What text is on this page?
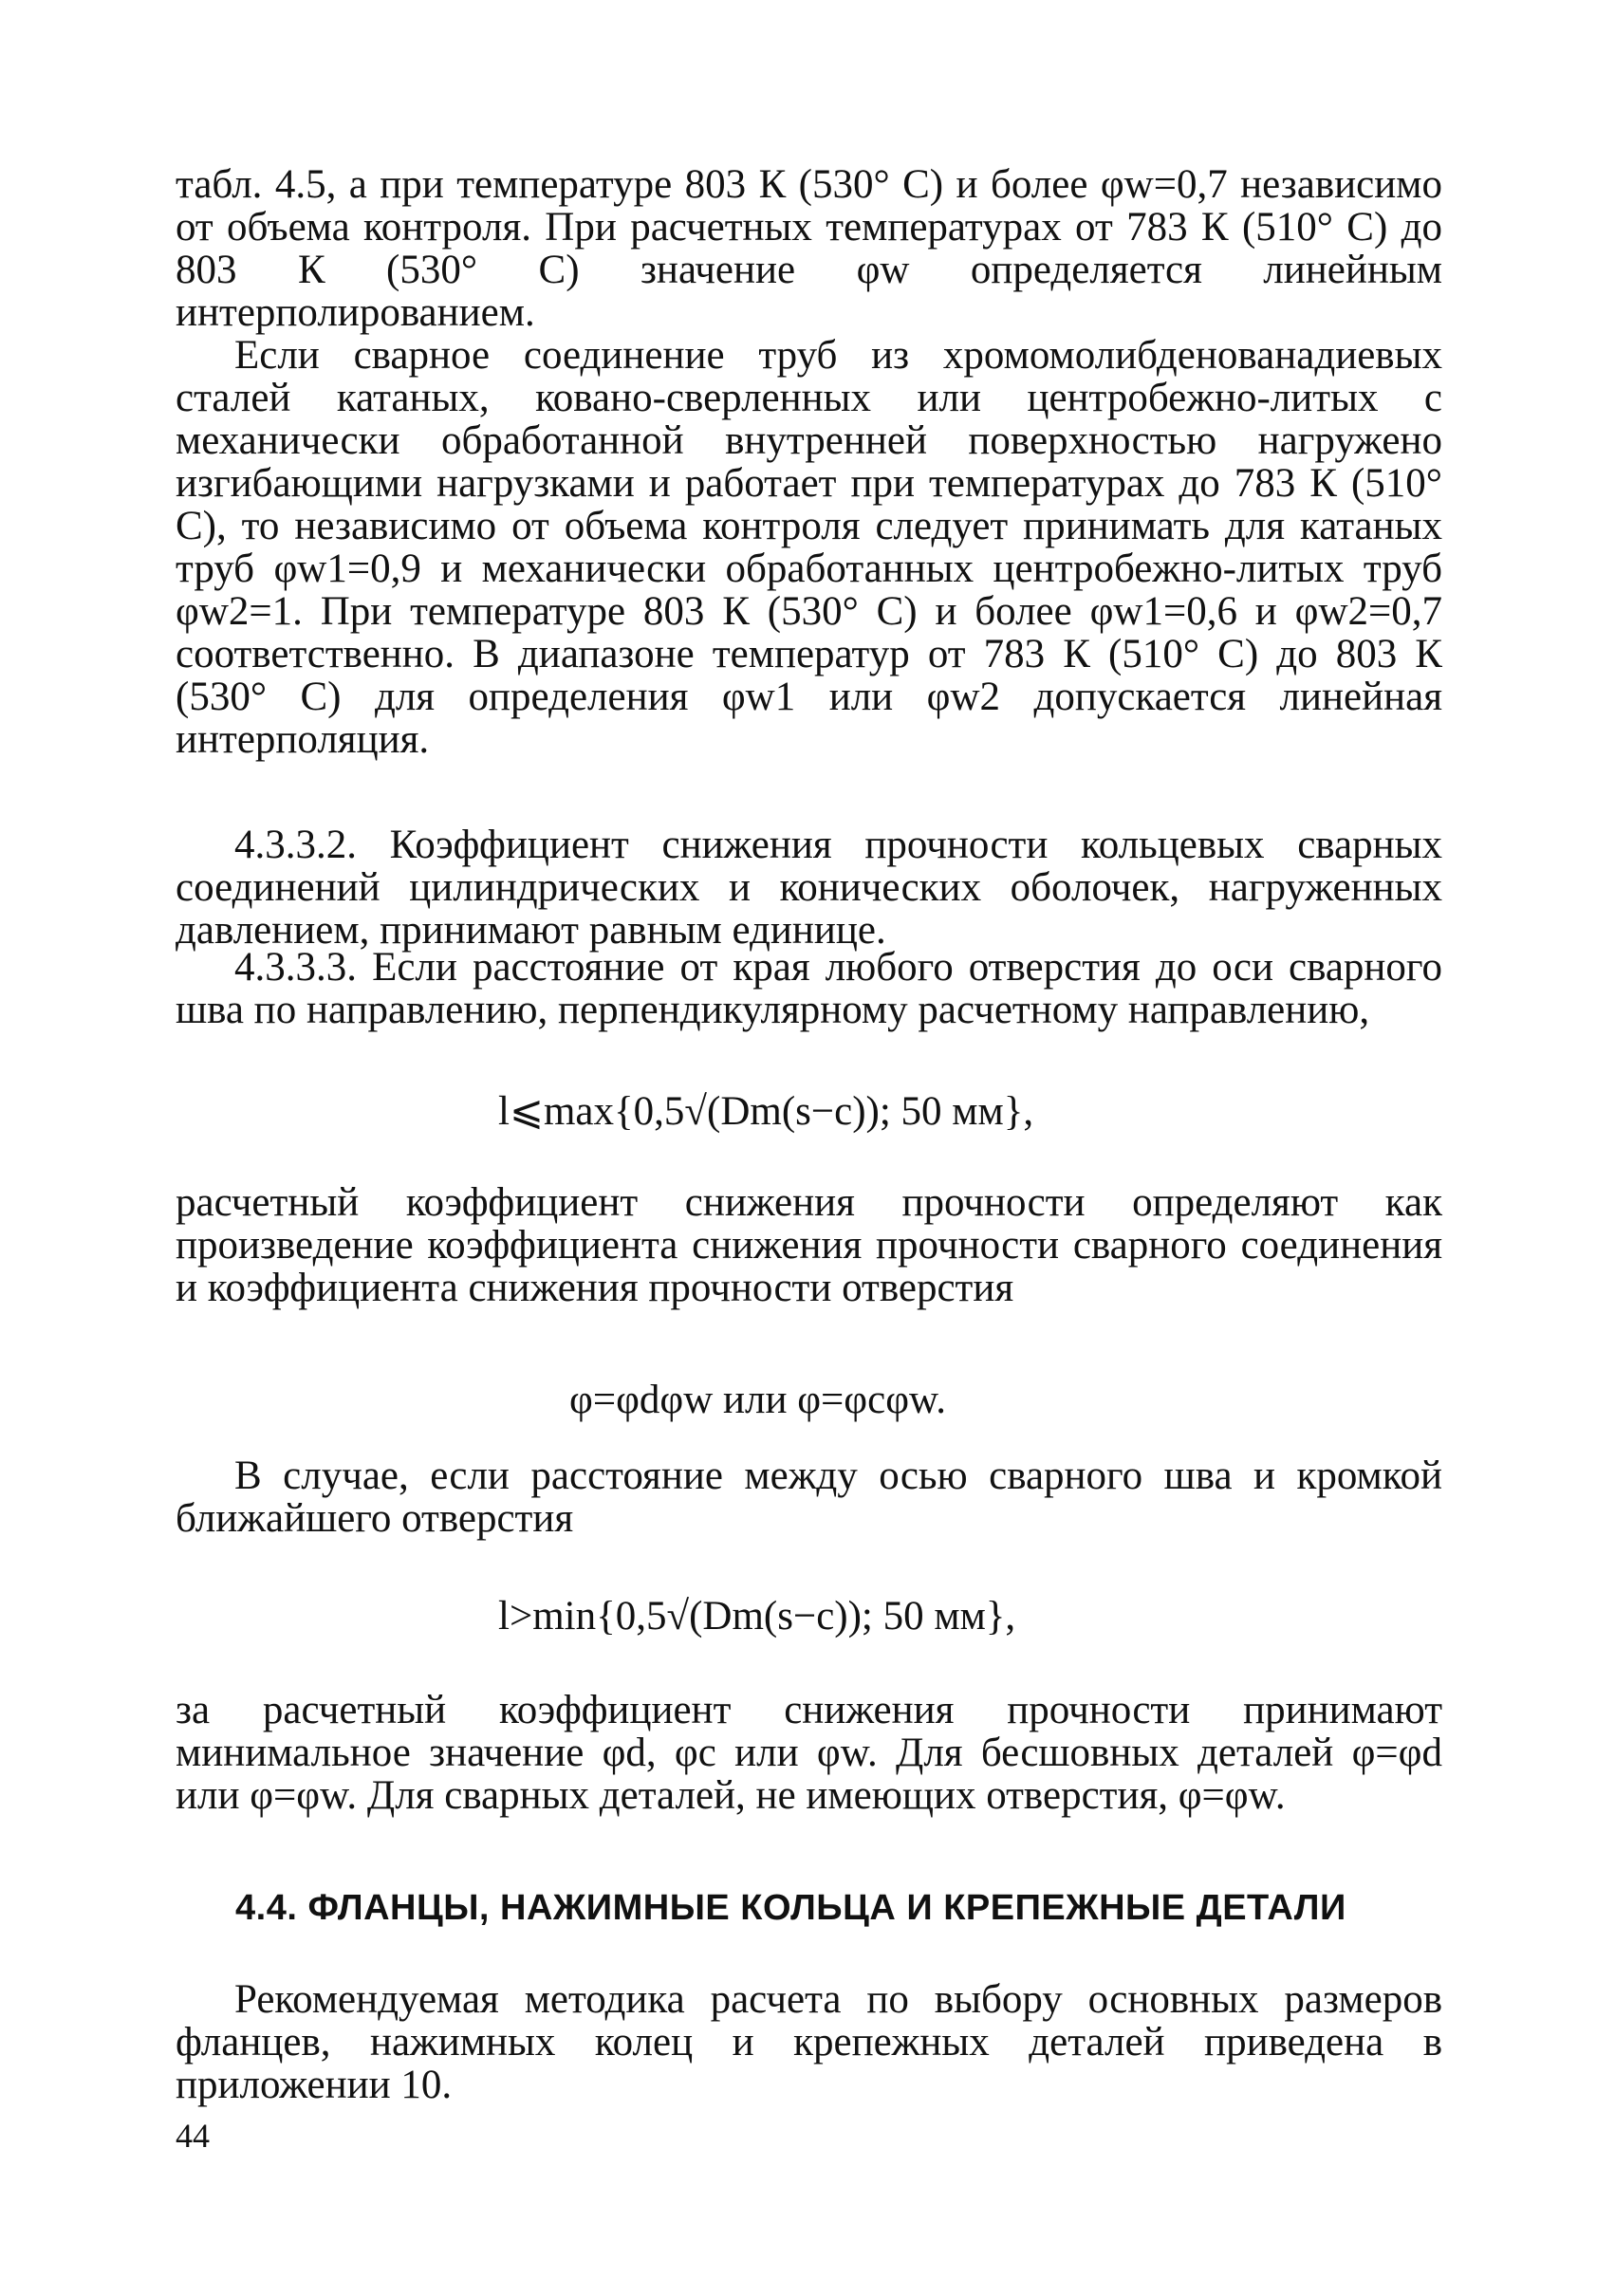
табл. 4.5, а при температуре 803 К (530° С) и более φw=0,7 независимо от объема контроля. При расчетных температурах от 783 К (510° С) до 803 К (530° С) значение φw определяется линейным интерполированием.

Если сварное соединение труб из хромомолибденованадиевых сталей катаных, ковано-сверленных или центробежно-литых с механически обработанной внутренней поверхностью нагружено изгибающими нагрузками и работает при температурах до 783 К (510° С), то независимо от объема контроля следует принимать для катаных труб φw1=0,9 и механически обработанных центробежно-литых труб φw2=1. При температуре 803 К (530° С) и более φw1=0,6 и φw2=0,7 соответственно. В диапазоне температур от 783 К (510° С) до 803 К (530° С) для определения φw1 или φw2 допускается линейная интерполяция.

4.3.3.2. Коэффициент снижения прочности кольцевых сварных соединений цилиндрических и конических оболочек, нагруженных давлением, принимают равным единице.

4.3.3.3. Если расстояние от края любого отверстия до оси сварного шва по направлению, перпендикулярному расчетному направлению,

l⩽max{0,5√(Dm(s−c)); 50 мм},

расчетный коэффициент снижения прочности определяют как произведение коэффициента снижения прочности сварного соединения и коэффициента снижения прочности отверстия

φ=φdφw или φ=φcφw.

В случае, если расстояние между осью сварного шва и кромкой ближайшего отверстия

l>min{0,5√(Dm(s−c)); 50 мм},

за расчетный коэффициент снижения прочности принимают минимальное значение φd, φc или φw. Для бесшовных деталей φ=φd или φ=φw. Для сварных деталей, не имеющих отверстия, φ=φw.

4.4. ФЛАНЦЫ, НАЖИМНЫЕ КОЛЬЦА И КРЕПЕЖНЫЕ ДЕТАЛИ

Рекомендуемая методика расчета по выбору основных размеров фланцев, нажимных колец и крепежных деталей приведена в приложении 10.

44
